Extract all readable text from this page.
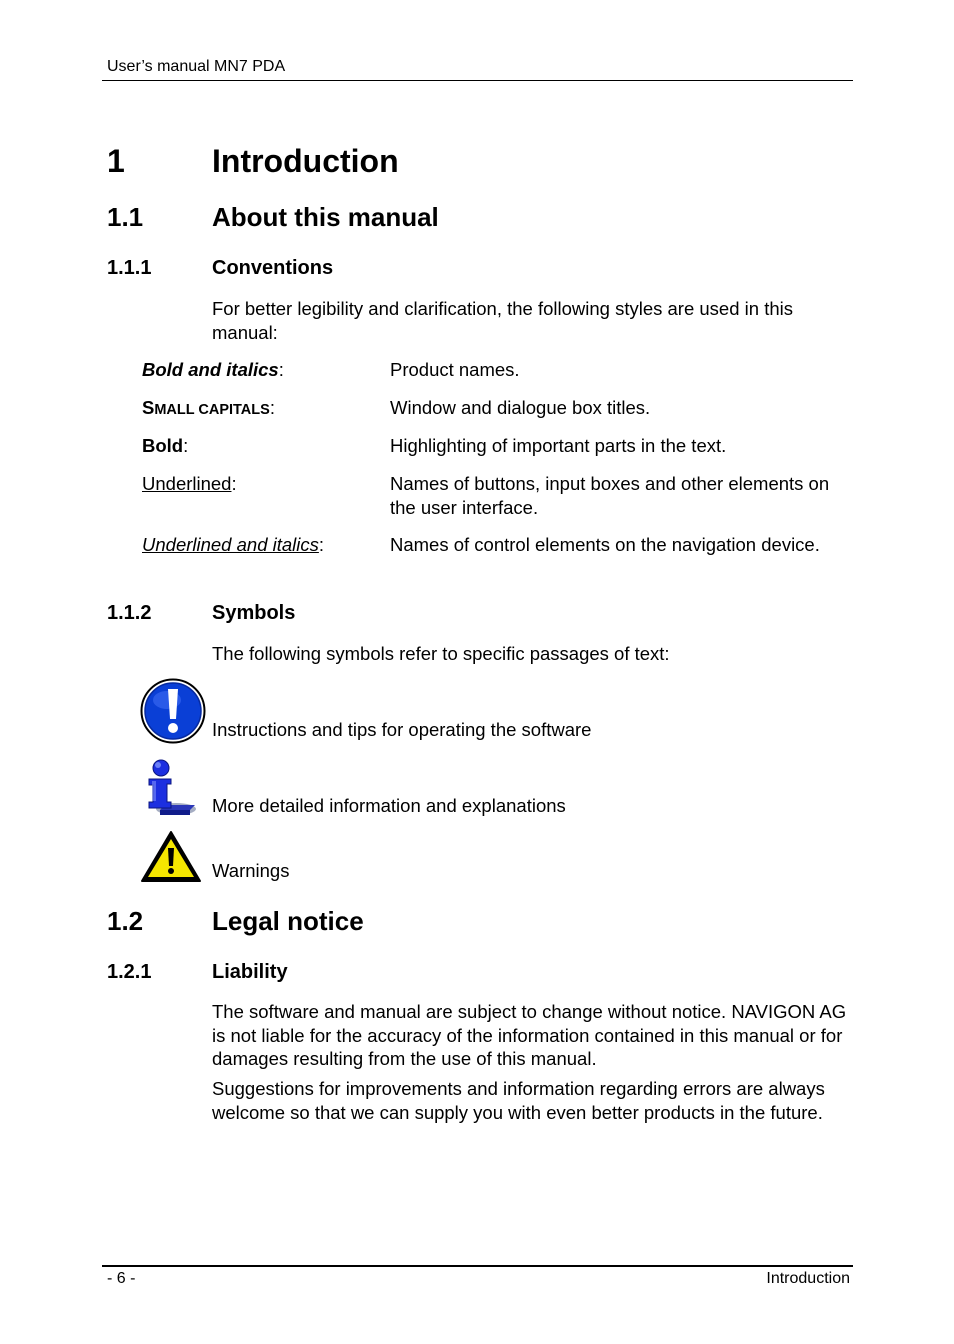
User’s manual MN7 PDA
1	Introduction
1.1	About this manual
1.1.1	Conventions
For better legibility and clarification, the following styles are used in this manual:
Bold and italics:	Product names.
SMALL CAPITALS:	Window and dialogue box titles.
Bold:	Highlighting of important parts in the text.
Underlined:	Names of buttons, input boxes and other elements on the user interface.
Underlined and italics:	Names of control elements on the navigation device.
1.1.2	Symbols
The following symbols refer to specific passages of text:
Instructions and tips for operating the software
More detailed information and explanations
Warnings
1.2	Legal notice
1.2.1	Liability
The software and manual are subject to change without notice. NAVIGON AG is not liable for the accuracy of the information contained in this manual or for damages resulting from the use of this manual.
Suggestions for improvements and information regarding errors are always welcome so that we can supply you with even better products in the future.
- 6 -	Introduction
